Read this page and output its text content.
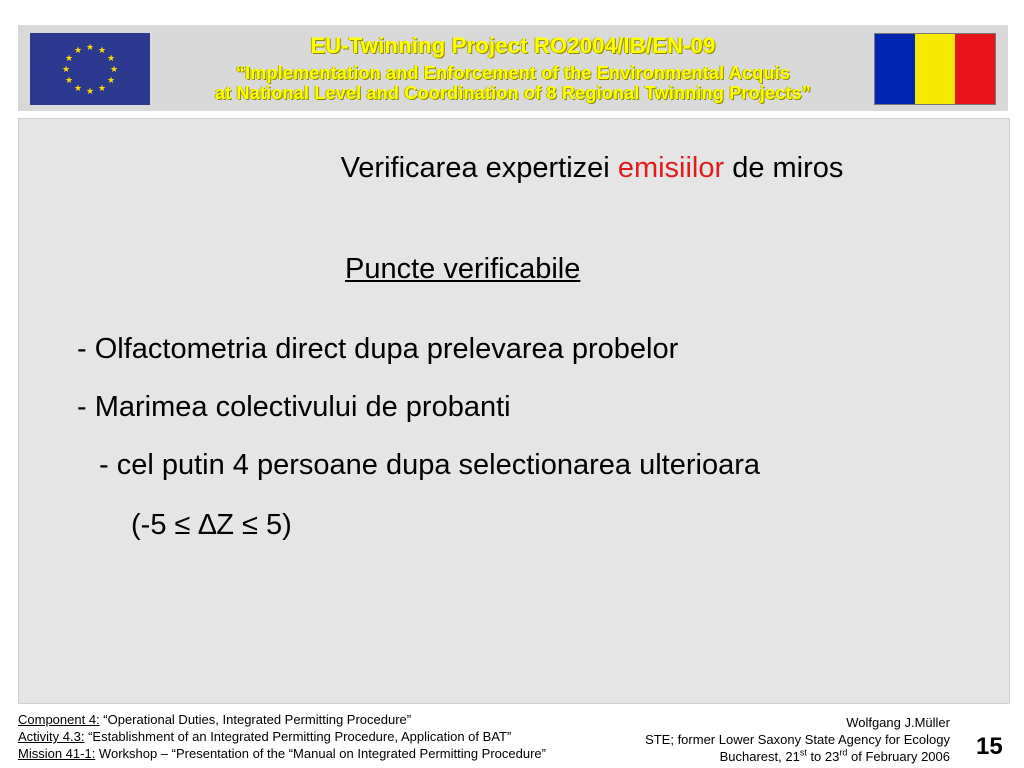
★ ★
★
★
★
★
★
★
★
★
★
★	EU-Twinning Project RO2004/IB/EN-09

“Implementation and Enforcement of the Environmental Acquis

at National Level and Coordination of 8 Regional Twinning Projects”

Verificarea expertizei emisiilor de miros

Puncte verificabile

- Olfactometria direct dupa prelevarea probelor

- Marimea colectivului de probanti

- cel putin 4 persoane dupa selectionarea ulterioara

(-5 ≤ ∆Z ≤ 5)

Component 4: “Operational Duties, Integrated Permitting Procedure”
Activity 4.3: “Establishment of an Integrated Permitting Procedure, Application of BAT”
Mission 41-1: Workshop – “Presentation of the “Manual on Integrated Permitting Procedure”
Wolfgang J.Müller
STE; former Lower Saxony State Agency for Ecology
Bucharest, 21st to 23rd of February 2006 15
